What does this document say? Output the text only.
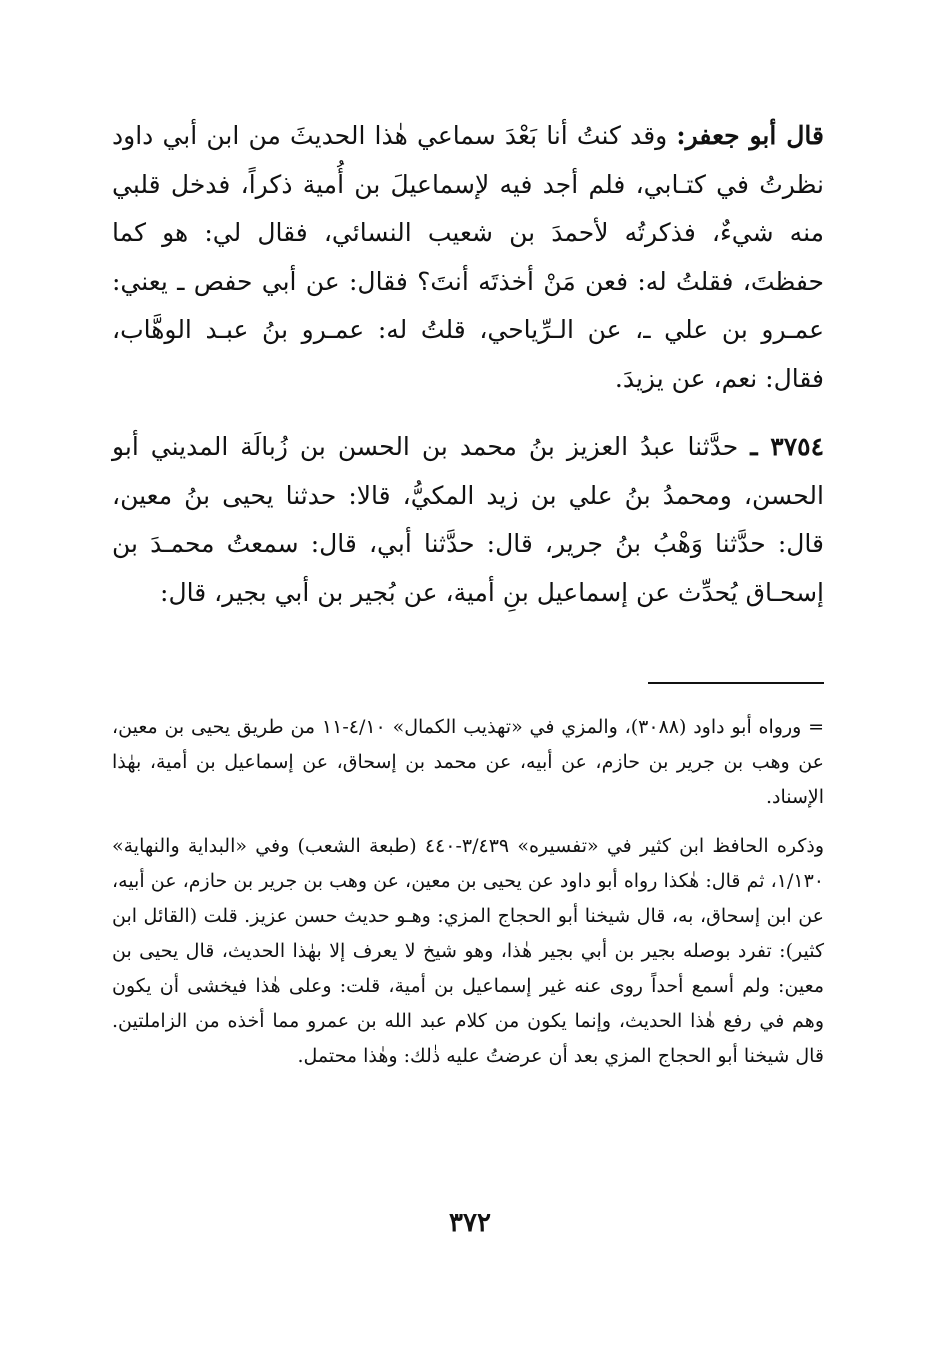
قال أبو جعفر: وقد كنتُ أنا بَعْدَ سماعي هٰذا الحديثَ من ابن أبي داود نظرتُ في كتـابي، فلم أجد فيه لإسماعيلَ بن أُمية ذكراً، فدخل قلبي منه شيءٌ، فذكرتُه لأحمدَ بن شعيب النسائي، فقال لي: هو كما حفظتَ، فقلتُ له: فعن مَنْ أخذتَه أنتَ؟ فقال: عن أبي حفص ـ يعني: عمـرو بن علي ـ، عن الـرِّياحي، قلتُ له: عمـرو بنُ عبـد الوهَّاب، فقال: نعم، عن يزيدَ.

٣٧٥٤ ـ حدَّثنا عبدُ العزيز بنُ محمد بن الحسن بن زُبالَة المديني أبو الحسن، ومحمدُ بنُ علي بن زيد المكيُّ، قالا: حدثنا يحيى بنُ معين، قال: حدَّثنا وَهْبُ بنُ جرير، قال: حدَّثنا أبي، قال: سمعتُ محمـدَ بن إسحـاق يُحدِّث عن إسماعيل بنِ أمية، عن بُجير بن أبي بجير، قال:

= ورواه أبو داود (٣٠٨٨)، والمزي في «تهذيب الكمال» ٤/١٠-١١ من طريق يحيى بن معين، عن وهب بن جرير بن حازم، عن أبيه، عن محمد بن إسحاق، عن إسماعيل بن أمية، بهٰذا الإسناد.

وذكره الحافظ ابن كثير في «تفسيره» ٣/٤٣٩-٤٤٠ (طبعة الشعب) وفي «البداية والنهاية» ١/١٣٠، ثم قال: هٰكذا رواه أبو داود عن يحيى بن معين، عن وهب بن جرير بن حازم، عن أبيه، عن ابن إسحاق، به، قال شيخنا أبو الحجاج المزي: وهـو حديث حسن عزيز. قلت (القائل ابن كثير): تفرد بوصله بجير بن أبي بجير هٰذا، وهو شيخ لا يعرف إلا بهٰذا الحديث، قال يحيى بن معين: ولم أسمع أحداً روى عنه غير إسماعيل بن أمية، قلت: وعلى هٰذا فيخشى أن يكون وهم في رفع هٰذا الحديث، وإنما يكون من كلام عبد الله بن عمرو مما أخذه من الزاملتين. قال شيخنا أبو الحجاج المزي بعد أن عرضتُ عليه ذٰلك: وهٰذا محتمل.

٣٧٢
